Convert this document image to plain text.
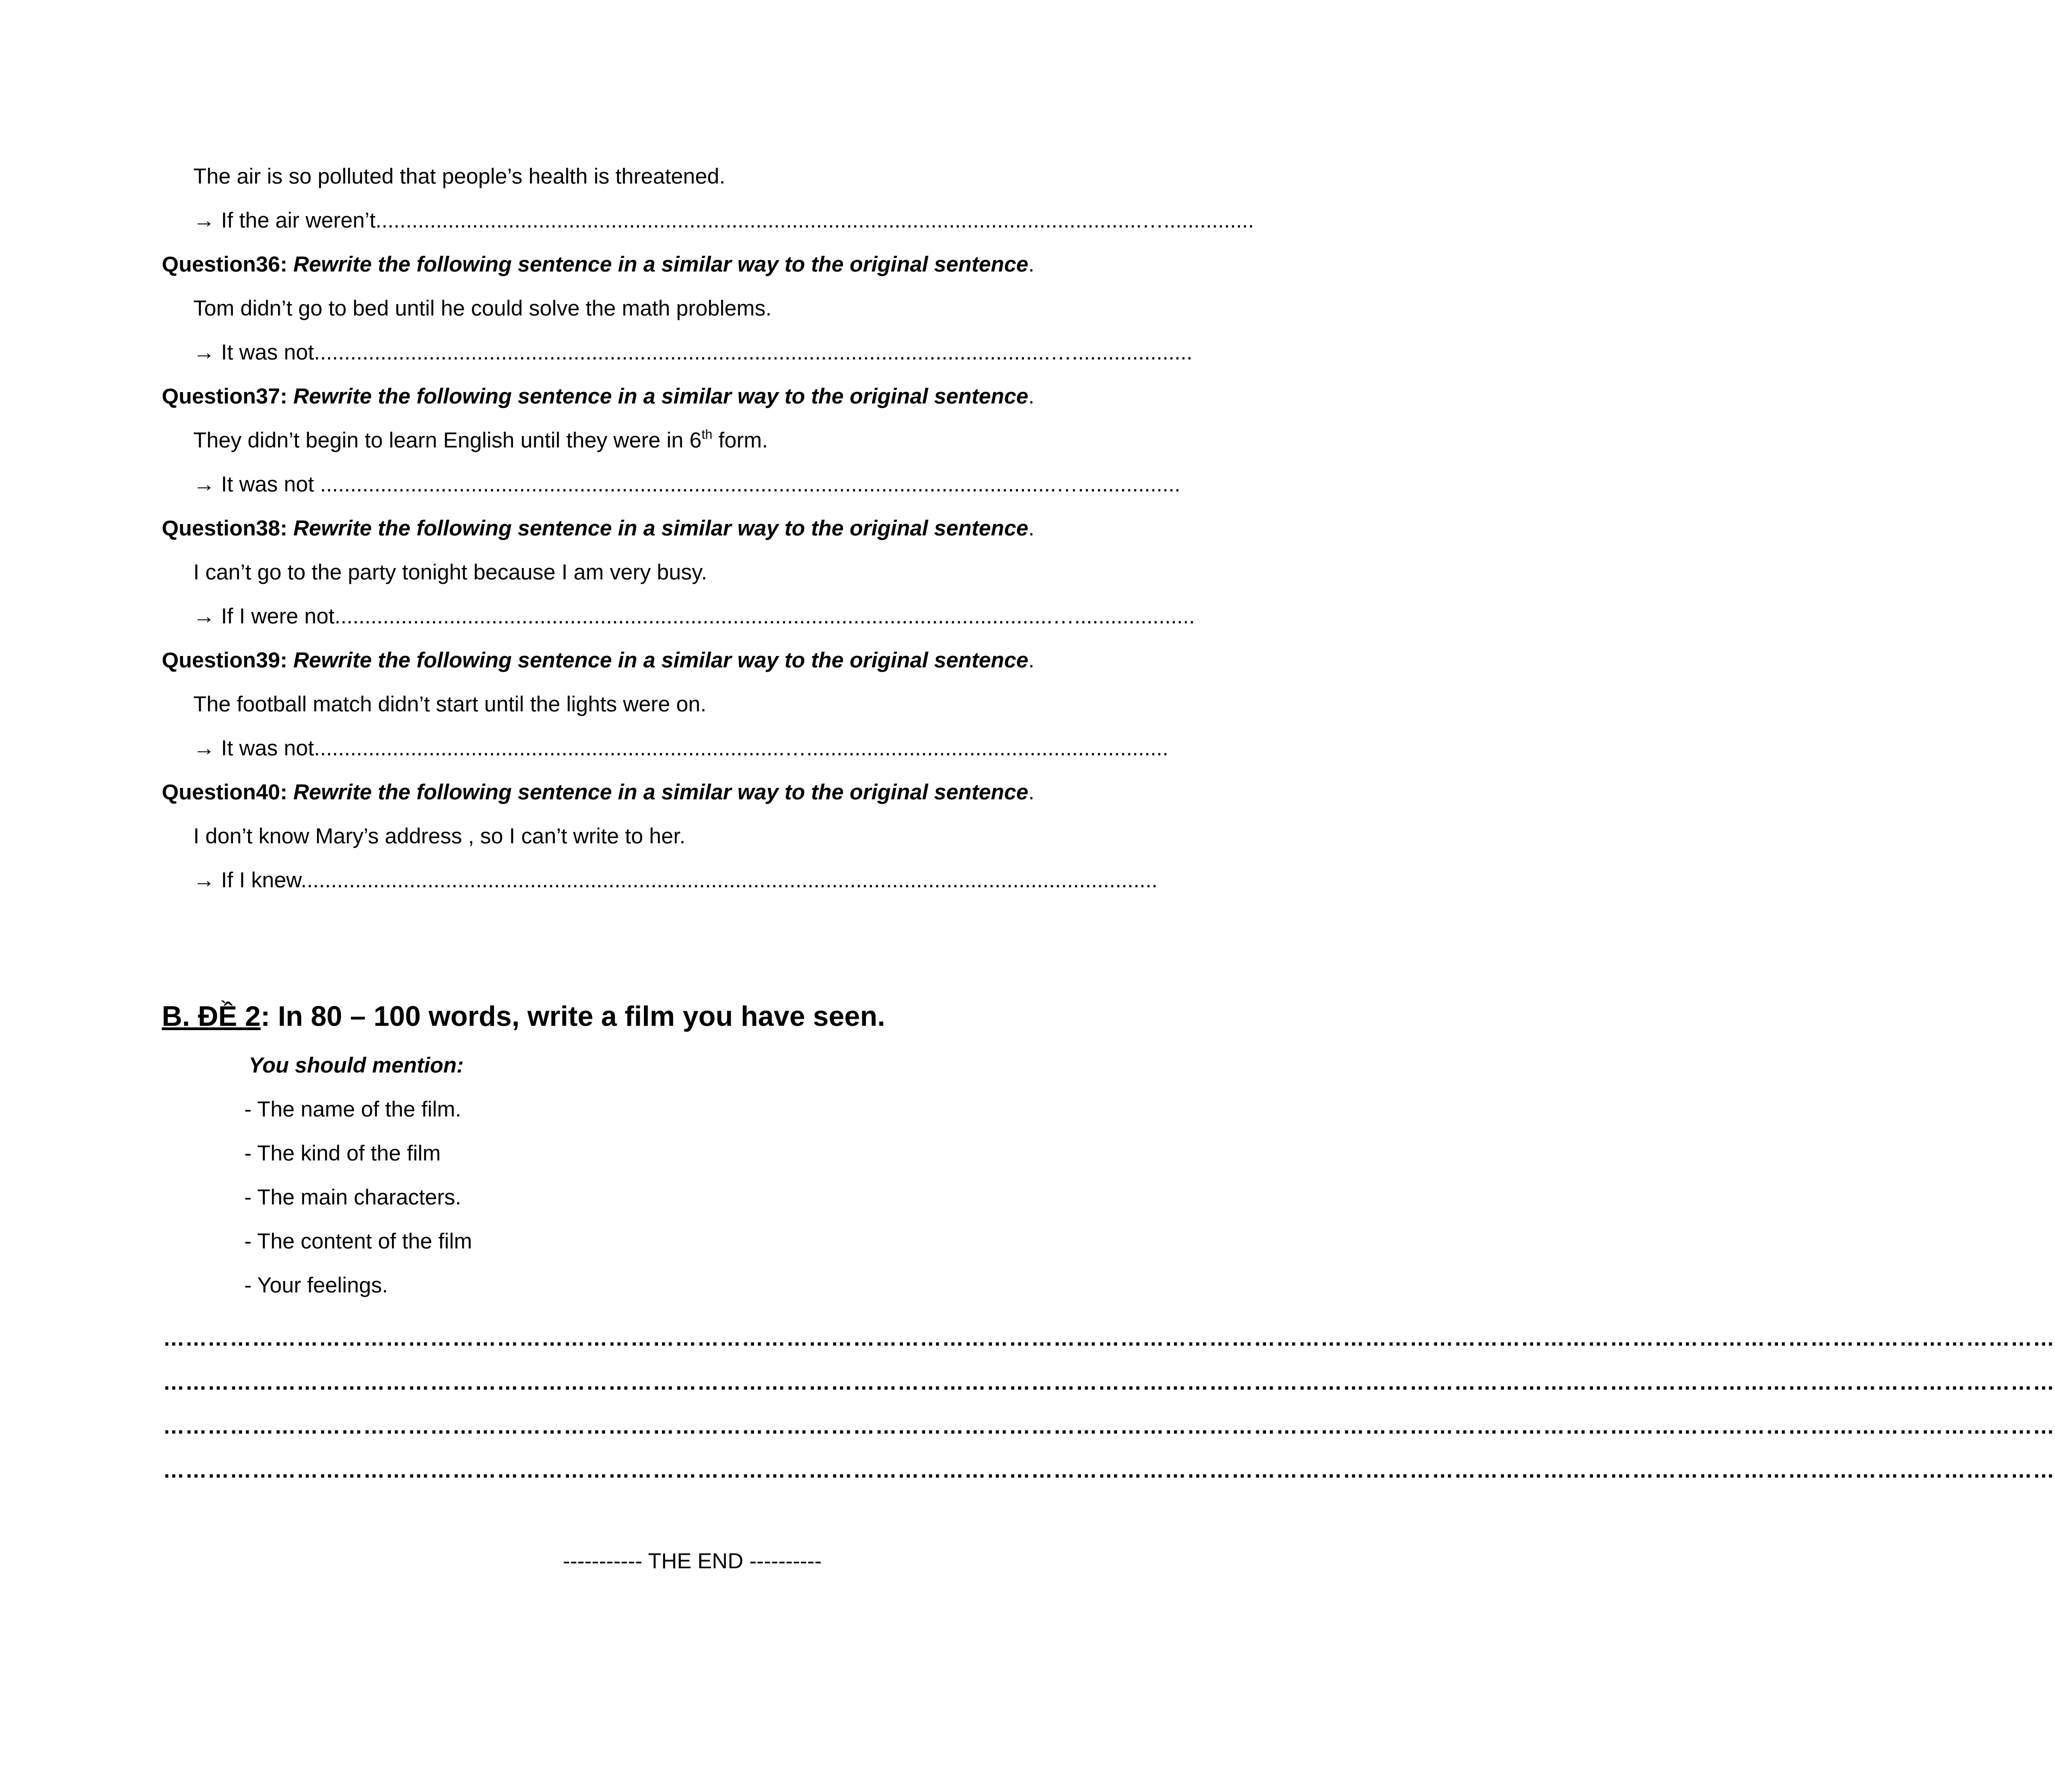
The air is so polluted that people’s health is threatened.
→ If the air weren’t...............................................................................................................................…...............
Question36: Rewrite the following sentence in a similar way to the original sentence.
Tom didn’t go to bed until he could solve the math problems.
→ It was not..........................................................................................................................…....................
Question37: Rewrite the following sentence in a similar way to the original sentence.
They didn’t begin to learn English until they were in 6th form.
→ It was not ..........................................................................................................................….................
Question38: Rewrite the following sentence in a similar way to the original sentence.
I can’t go to the party tonight because I am very busy.
→ If I were not.......................................................................................................................…....................
Question39: Rewrite the following sentence in a similar way to the original sentence.
The football match didn’t start until the lights were on.
→ It was not..............................................................................…............................................................
Question40: Rewrite the following sentence in a similar way to the original sentence.
I don’t know Mary’s address , so I can’t write to her.
→ If I knew..............................................................................................................................................
B. ĐỀ 2: In 80 – 100 words, write a film you have seen.
You should mention:
- The name of the film.
- The kind of the film
- The main characters.
- The content of the film
- Your feelings.
…………………………………………………………………………………………………………………………………………………………………………………………………………………………………
…………………………………………………………………………………………………………………………………………………………………………………………………………………………………
…………………………………………………………………………………………………………………………………………………………………………………………………………………………………
…………………………………………………………………………………………………………………………………………………………………………………………………………………………………
----------- THE END ----------
